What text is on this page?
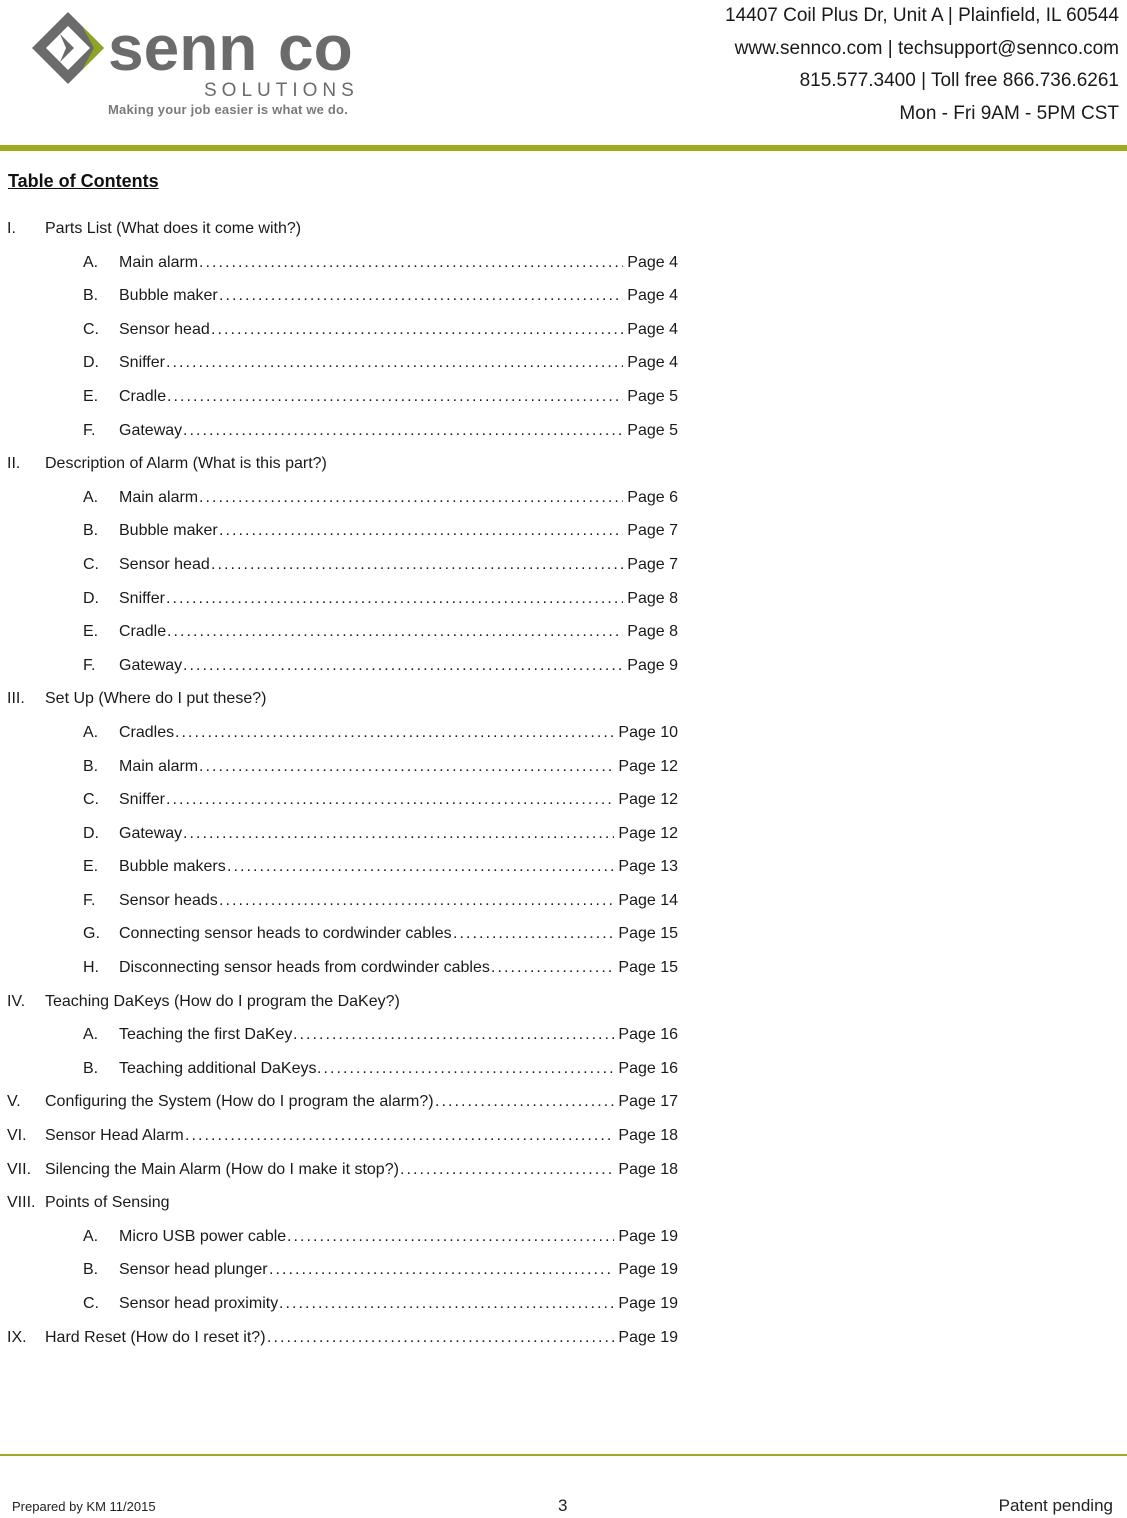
senn co
SOLUTIONS
Making your job easier is what we do.
14407 Coil Plus Dr, Unit A | Plainfield, IL 60544
www.sennco.com | techsupport@sennco.com
815.577.3400 | Toll free 866.736.6261
Mon - Fri 9AM - 5PM CST
Table of Contents
I. Parts List (What does it come with?)
A. Main alarm . . .	Page 4
B. Bubble maker . . .	Page 4
C. Sensor head . . .	Page 4
D. Sniffer . . .	Page 4
E. Cradle . . .	Page 5
F. Gateway . . .	Page 5
II. Description of Alarm (What is this part?)
A. Main alarm . . .	Page 6
B. Bubble maker . . .	Page 7
C. Sensor head . . .	Page 7
D. Sniffer . . .	Page 8
E. Cradle . . .	Page 8
F. Gateway . . .	Page 9
III. Set Up (Where do I put these?)
A. Cradles . . .	Page 10
B. Main alarm . . .	Page 12
C. Sniffer . . .	Page 12
D. Gateway . . .	Page 12
E. Bubble makers . . .	Page 13
F. Sensor heads . . .	Page 14
G. Connecting sensor heads to cordwinder cables . . .	Page 15
H. Disconnecting sensor heads from cordwinder cables . . .	Page 15
IV. Teaching DaKeys (How do I program the DaKey?)
A. Teaching the first DaKey . . .	Page 16
B. Teaching additional DaKeys . . .	Page 16
V. Configuring the System (How do I program the alarm?) . . .	Page 17
VI. Sensor Head Alarm . . .	Page 18
VII. Silencing the Main Alarm (How do I make it stop?) . . .	Page 18
VIII. Points of Sensing
A. Micro USB power cable . . .	Page 19
B. Sensor head plunger . . .	Page 19
C. Sensor head proximity . . .	Page 19
IX. Hard Reset (How do I reset it?) . . .	Page 19
Prepared by KM 11/2015	3	Patent pending
